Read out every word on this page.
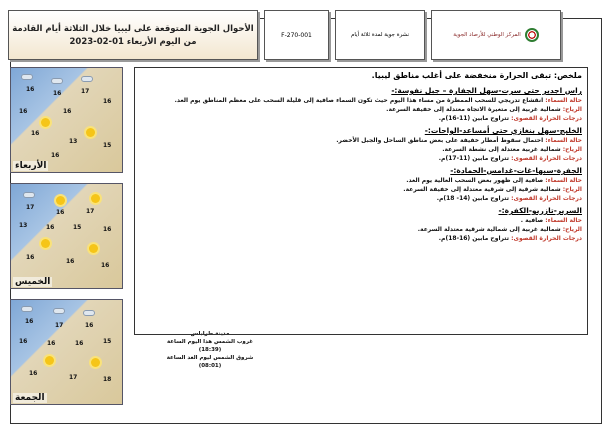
الأحوال الجوية المتوقعة على ليبيا خلال الثلاثة أيام القادمة
من اليوم الأربعاء 01-02-2023
F-270-001	نشرة جوية لمدة ثلاثة أيام	المركز الوطني للأرصاد الجوية
16
16	17
16
16	16
16
13
15
16
الأربعاء
17
16	17
13	16	15	16
16
16
16
الخميس
16
17	16
16	16	16	15
16
17	18
الجمعة
مدينة طرابلس
غروب الشمس هذا اليوم الساعة (18:39)
شروق الشمس ليوم الغد الساعة (08:01)
ملخص: تبقى الحرارة منخفضة على أغلب مناطق ليبيا.
راس اجدير حتى سرت-سهل الجفارة – جبل نفوسة:-
حالة السماء: انقشاع تدريجي للسحب الممطرة من مساء هذا اليوم حيث تكون السماء صافية إلى قليلة السحب على معظم المناطق يوم الغد.
الرياح: شمالية غربية إلى متغيرة الاتجاه معتدلة إلى خفيفة السرعة.
درجات الحرارة القصوى: تتراوح مابين (11-16)م.
الخليج-سهل بنغازي حتى أمساعد-الواحات:-
حالة السماء: احتمال سقوط أمطار خفيفة على بعض مناطق الساحل والجبل الأخضر.
الرياح: شمالية غربية معتدلة إلى نشطة السرعة.
درجات الحرارة القصوى: تتراوح مابين (11-17)م.
الجفرة-سبها-غات-غدامس-الحمادة:-
حالة السماء: صافية إلى ظهور بعض السحب العالية يوم الغد.
الرياح: شمالية شرقية إلى شرقية معتدلة إلى خفيفة السرعة.
درجات الحرارة القصوى: تتراوح مابين (14- 18)م.
السرير-تازربو-الكفرة:-
حالة السماء: صافية .
الرياح: شمالية غربية إلى شمالية شرقية معتدلة السرعة.
درجات الحرارة القصوى: تتراوح مابين (16-18)م.
